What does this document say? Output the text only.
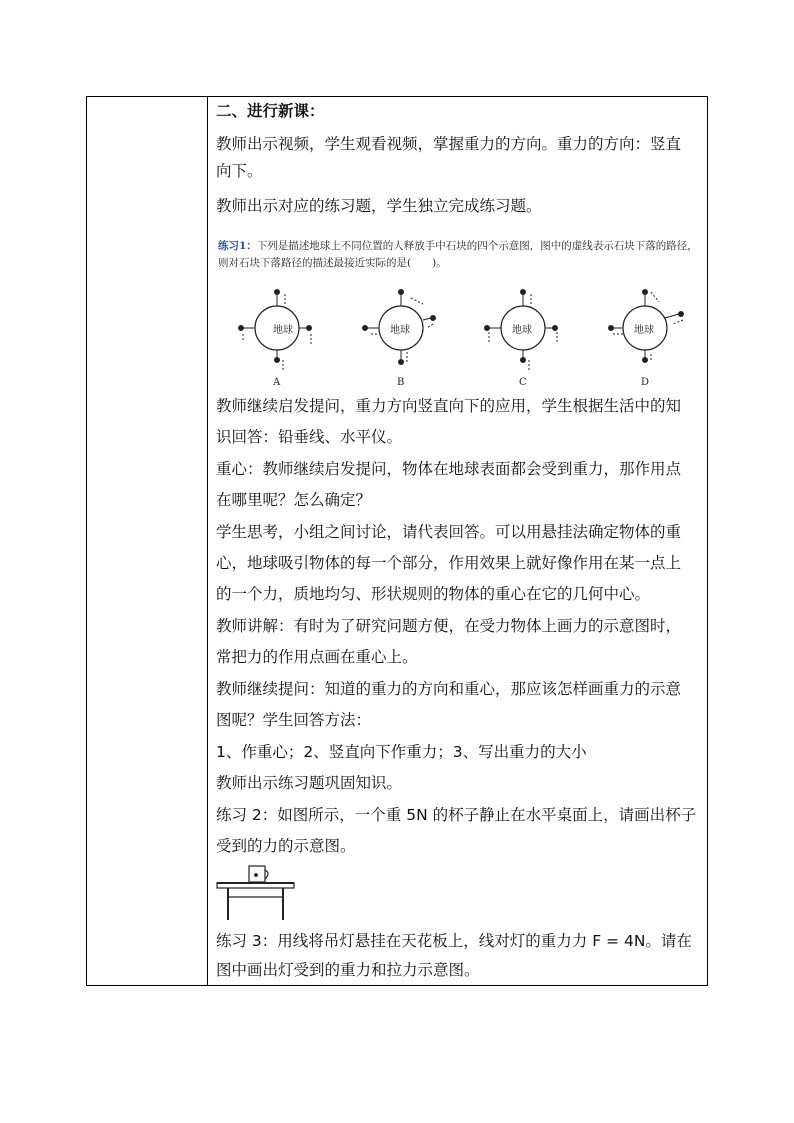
二、进行新课：
教师出示视频，学生观看视频，掌握重力的方向。重力的方向：竖直
向下。
教师出示对应的练习题，学生独立完成练习题。
练习1：下列是描述地球上不同位置的人释放手中石块的四个示意图，图中的虚线表示石块下落的路径，
则对石块下落路径的描述最接近实际的是(　　)。
地球	地球	地球	地球
A	B	C	D
教师继续启发提问，重力方向竖直向下的应用，学生根据生活中的知
识回答：铅垂线、水平仪。
重心：教师继续启发提问，物体在地球表面都会受到重力，那作用点
在哪里呢？怎么确定？
学生思考，小组之间讨论，请代表回答。可以用悬挂法确定物体的重
心，地球吸引物体的每一个部分，作用效果上就好像作用在某一点上
的一个力，质地均匀、形状规则的物体的重心在它的几何中心。
教师讲解：有时为了研究问题方便，在受力物体上画力的示意图时，
常把力的作用点画在重心上。
教师继续提问：知道的重力的方向和重心，那应该怎样画重力的示意
图呢？学生回答方法：
1、作重心；2、竖直向下作重力；3、写出重力的大小
教师出示练习题巩固知识。
练习 2：如图所示，一个重 5N 的杯子静止在水平桌面上，请画出杯子
受到的力的示意图。
练习 3：用线将吊灯悬挂在天花板上，线对灯的重力力 F = 4N。请在
图中画出灯受到的重力和拉力示意图。
